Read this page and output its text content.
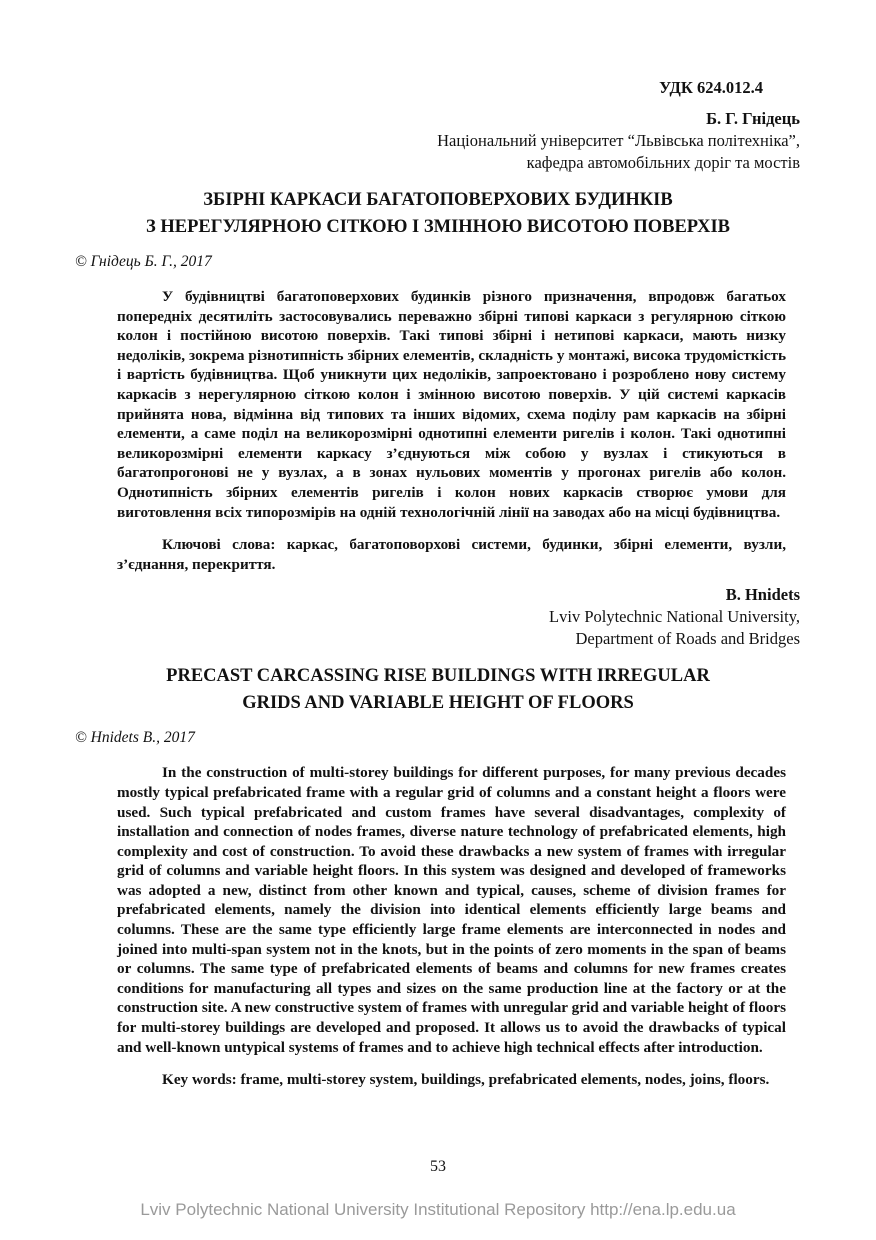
УДК 624.012.4
Б. Г. Гнідець
Національний університет “Львівська політехніка”,
кафедра автомобільних доріг та мостів
ЗБІРНІ КАРКАСИ БАГАТОПОВЕРХОВИХ БУДИНКІВ
З НЕРЕГУЛЯРНОЮ СІТКОЮ І ЗМІННОЮ ВИСОТОЮ ПОВЕРХІВ
© Гнідець Б. Г., 2017
У будівництві багатоповерхових будинків різного призначення, впродовж багатьох попередніх десятиліть застосовувались переважно збірні типові каркаси з регулярною сіткою колон і постійною висотою поверхів. Такі типові збірні і нетипові каркаси, мають низку недоліків, зокрема різнотипність збірних елементів, складність у монтажі, висока трудомісткість і вартість будівництва. Щоб уникнути цих недоліків, запроектовано і розроблено нову систему каркасів з нерегулярною сіткою колон і змінною висотою поверхів. У цій системі каркасів прийнята нова, відмінна від типових та інших відомих, схема поділу рам каркасів на збірні елементи, а саме поділ на великорозмірні однотипні елементи ригелів і колон. Такі однотипні великорозмірні елементи каркасу з’єднуються між собою у вузлах і стикуються в багатопрогонові не у вузлах, а в зонах нульових моментів у прогонах ригелів або колон. Однотипність збірних елементів ригелів і колон нових каркасів створює умови для виготовлення всіх типорозмірів на одній технологічній лінії на заводах або на місці будівництва.
Ключові слова: каркас, багатоповорхові системи, будинки, збірні елементи, вузли, з’єднання, перекриття.
B. Hnidets
Lviv Polytechnic National University,
Department of Roads and Bridges
PRECAST CARCASSING RISE BUILDINGS WITH IRREGULAR
GRIDS AND VARIABLE HEIGHT OF FLOORS
© Hnidets B., 2017
In the construction of multi-storey buildings for different purposes, for many previous decades mostly typical prefabricated frame with a regular grid of columns and a constant height a floors were used. Such typical prefabricated and custom frames have several disadvantages, complexity of installation and connection of nodes frames, diverse nature technology of prefabricated elements, high complexity and cost of construction. To avoid these drawbacks a new system of frames with irregular grid of columns and variable height floors. In this system was designed and developed of frameworks was adopted a new, distinct from other known and typical, causes, scheme of division frames for prefabricated elements, namely the division into identical elements efficiently large beams and columns. These are the same type efficiently large frame elements are interconnected in nodes and joined into multi-span system not in the knots, but in the points of zero moments in the span of beams or columns. The same type of prefabricated elements of beams and columns for new frames creates conditions for manufacturing all types and sizes on the same production line at the factory or at the construction site. A new constructive system of frames with unregular grid and variable height of floors for multi-storey buildings are developed and proposed. It allows us to avoid the drawbacks of typical and well-known untypical systems of frames and to achieve high technical effects after introduction.
Key words: frame, multi-storey system, buildings, prefabricated elements, nodes, joins, floors.
53
Lviv Polytechnic National University Institutional Repository http://ena.lp.edu.ua
